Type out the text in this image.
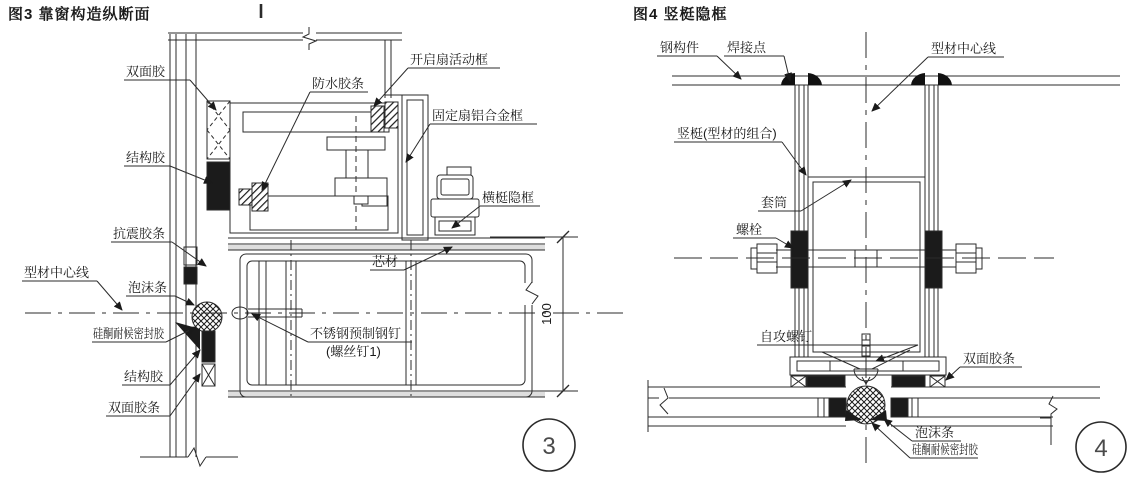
图3 靠窗构造纵断面
100
双面胶
结构胶
抗震胶条
型材中心线
泡沫条
硅酮耐候密封胶
结构胶
双面胶条
防水胶条
开启扇活动框
固定扇铝合金框
横梃隐框
芯材
不锈钢预制钢钉
(螺丝钉1)
3
图4 竖梃隐框
钢构件 焊接点	型材中心线
竖梃(型材的组合)
套筒
螺栓
自攻螺钉
双面胶条
泡沫条
硅酮耐候密封胶	4
